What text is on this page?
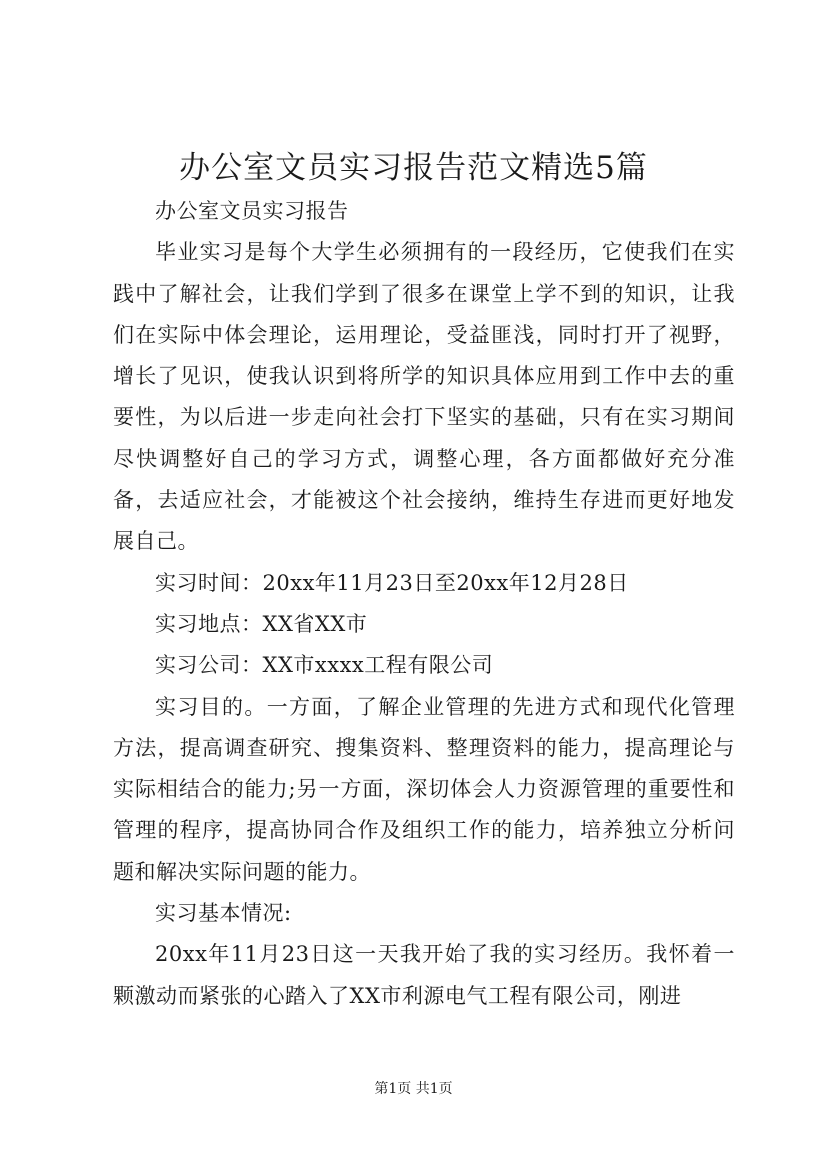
办公室文员实习报告范文精选5篇

办公室文员实习报告

毕业实习是每个大学生必须拥有的一段经历，它使我们在实践中了解社会，让我们学到了很多在课堂上学不到的知识，让我们在实际中体会理论，运用理论，受益匪浅，同时打开了视野，增长了见识，使我认识到将所学的知识具体应用到工作中去的重要性，为以后进一步走向社会打下坚实的基础，只有在实习期间尽快调整好自己的学习方式，调整心理，各方面都做好充分准备，去适应社会，才能被这个社会接纳，维持生存进而更好地发展自己。

实习时间：20xx年11月23日至20xx年12月28日

实习地点：XX省XX市

实习公司：XX市xxxx工程有限公司

实习目的。一方面，了解企业管理的先进方式和现代化管理方法，提高调查研究、搜集资料、整理资料的能力，提高理论与实际相结合的能力;另一方面，深切体会人力资源管理的重要性和管理的程序，提高协同合作及组织工作的能力，培养独立分析问题和解决实际问题的能力。

实习基本情况:

20xx年11月23日这一天我开始了我的实习经历。我怀着一颗激动而紧张的心踏入了XX市利源电气工程有限公司，刚进

第1页 共1页
